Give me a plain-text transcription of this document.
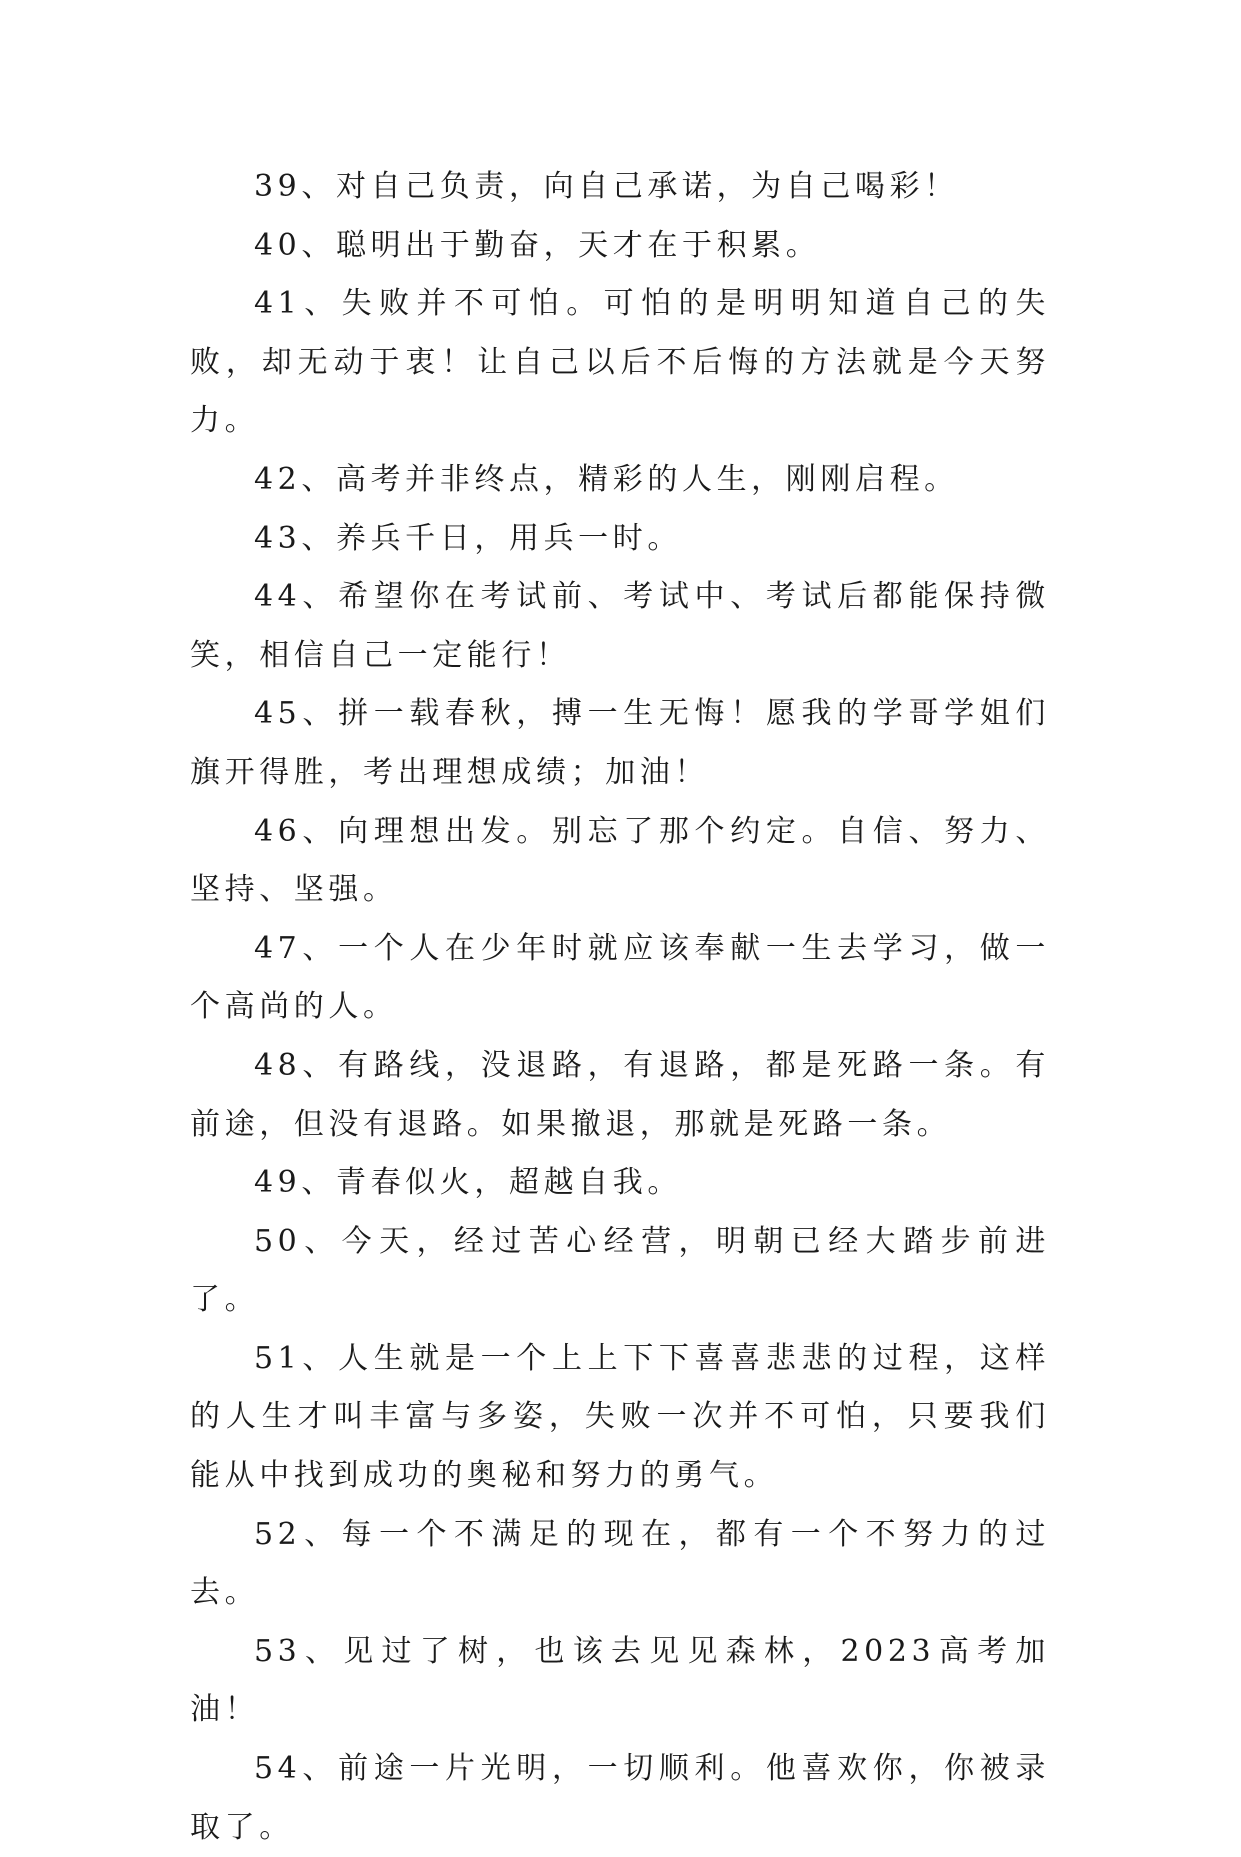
39、对自己负责，向自己承诺，为自己喝彩！

40、聪明出于勤奋，天才在于积累。

41、失败并不可怕。可怕的是明明知道自己的失败，却无动于衷！让自己以后不后悔的方法就是今天努力。

42、高考并非终点，精彩的人生，刚刚启程。

43、养兵千日，用兵一时。

44、希望你在考试前、考试中、考试后都能保持微笑，相信自己一定能行！

45、拼一载春秋，搏一生无悔！愿我的学哥学姐们旗开得胜，考出理想成绩；加油！

46、向理想出发。别忘了那个约定。自信、努力、坚持、坚强。

47、一个人在少年时就应该奉献一生去学习，做一个高尚的人。

48、有路线，没退路，有退路，都是死路一条。有前途，但没有退路。如果撤退，那就是死路一条。

49、青春似火，超越自我。

50、今天，经过苦心经营，明朝已经大踏步前进了。

51、人生就是一个上上下下喜喜悲悲的过程，这样的人生才叫丰富与多姿，失败一次并不可怕，只要我们能从中找到成功的奥秘和努力的勇气。

52、每一个不满足的现在，都有一个不努力的过去。

53、见过了树，也该去见见森林，2023高考加油！

54、前途一片光明，一切顺利。他喜欢你，你被录取了。
